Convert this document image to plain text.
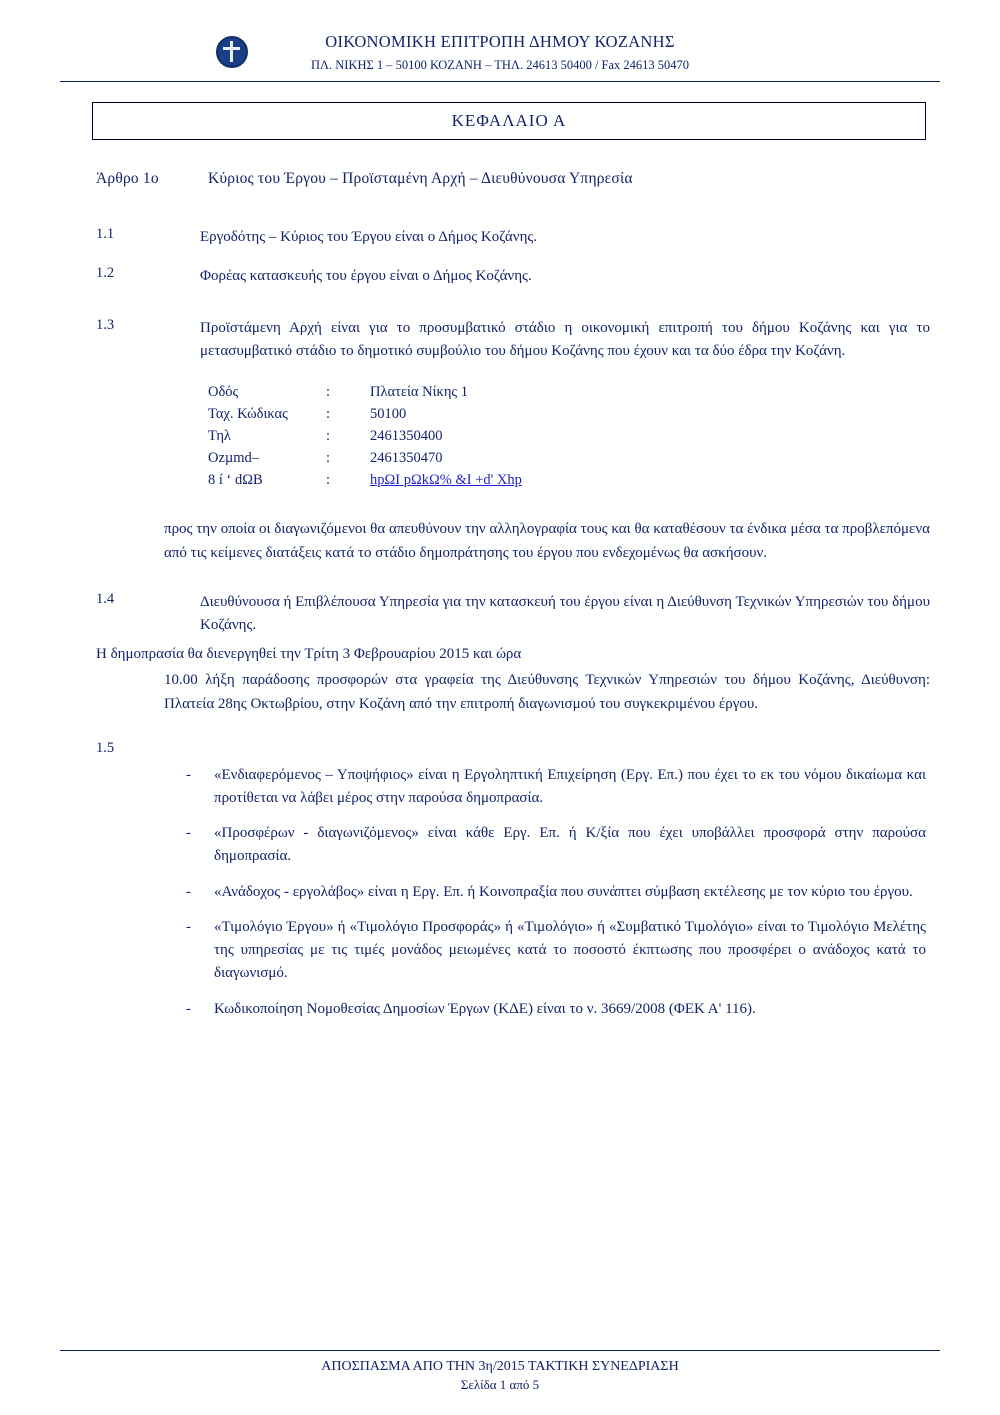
ΟΙΚΟΝΟΜΙΚΗ ΕΠΙΤΡΟΠΗ ΔΗΜΟΥ ΚΟΖΑΝΗΣ
ΠΛ. ΝΙΚΗΣ 1 – 50100 ΚΟΖΑΝΗ – ΤΗΛ. 24613 50400 / Fax 24613 50470
ΚΕΦΑΛΑΙΟ Α
Άρθρο 1ο	Κύριος του Έργου – Προϊσταμένη Αρχή – Διευθύνουσα Υπηρεσία
1.1	Εργοδότης – Κύριος του Έργου είναι ο Δήμος Κοζάνης.
1.2	Φορέας κατασκευής του έργου είναι ο Δήμος Κοζάνης.
1.3	Προϊστάμενη Αρχή είναι για το προσυμβατικό στάδιο η οικονομική επιτροπή του δήμου Κοζάνης και για το μετασυμβατικό στάδιο το δημοτικό συμβούλιο του δήμου Κοζάνης που έχουν και τα δύο έδρα την Κοζάνη.
Οδός	:	Πλατεία Νίκης 1
Ταχ. Κώδικας	:	50100
Τηλ	:	2461350400
Ozµmd–	:	2461350470
8 í ‘ dΩB	:	hpΩI pΩkΩ% &I +d' Xhp
προς την οποία οι διαγωνιζόμενοι θα απευθύνουν την αλληλογραφία τους και θα καταθέσουν τα ένδικα μέσα τα προβλεπόμενα από τις κείμενες διατάξεις κατά το στάδιο δημοπράτησης του έργου που ενδεχομένως θα ασκήσουν.
1.4	Διευθύνουσα ή Επιβλέπουσα Υπηρεσία για την κατασκευή του έργου είναι η Διεύθυνση Τεχνικών Υπηρεσιών του δήμου Κοζάνης.
Η δημοπρασία θα διενεργηθεί την Τρίτη 3 Φεβρουαρίου 2015 και ώρα
10.00 λήξη παράδοσης προσφορών στα γραφεία της Διεύθυνσης Τεχνικών Υπηρεσιών του δήμου Κοζάνης, Διεύθυνση: Πλατεία 28ης Οκτωβρίου, στην Κοζάνη από την επιτροπή διαγωνισμού του συγκεκριμένου έργου.
1.5
- «Ενδιαφερόμενος – Υποψήφιος» είναι η Εργοληπτική Επιχείρηση (Εργ. Επ.) που έχει το εκ του νόμου δικαίωμα και προτίθεται να λάβει μέρος στην παρούσα δημοπρασία.
- «Προσφέρων - διαγωνιζόμενος» είναι κάθε Εργ. Επ. ή Κ/ξία που έχει υποβάλλει προσφορά στην παρούσα δημοπρασία.
- «Ανάδοχος - εργολάβος» είναι η Εργ. Επ. ή Κοινοπραξία που συνάπτει σύμβαση εκτέλεσης με τον κύριο του έργου.
- «Τιμολόγιο Έργου» ή «Τιμολόγιο Προσφοράς» ή «Τιμολόγιο» ή «Συμβατικό Τιμολόγιο» είναι το Τιμολόγιο Μελέτης της υπηρεσίας με τις τιμές μονάδος μειωμένες κατά το ποσοστό έκπτωσης που προσφέρει ο ανάδοχος κατά το διαγωνισμό.
- Κωδικοποίηση Νομοθεσίας Δημοσίων Έργων (ΚΔΕ) είναι το ν. 3669/2008 (ΦΕΚ Α' 116).
ΑΠΟΣΠΑΣΜΑ ΑΠΟ ΤΗΝ 3η/2015 ΤΑΚΤΙΚΗ ΣΥΝΕΔΡΙΑΣΗ
Σελίδα 1 από 5
